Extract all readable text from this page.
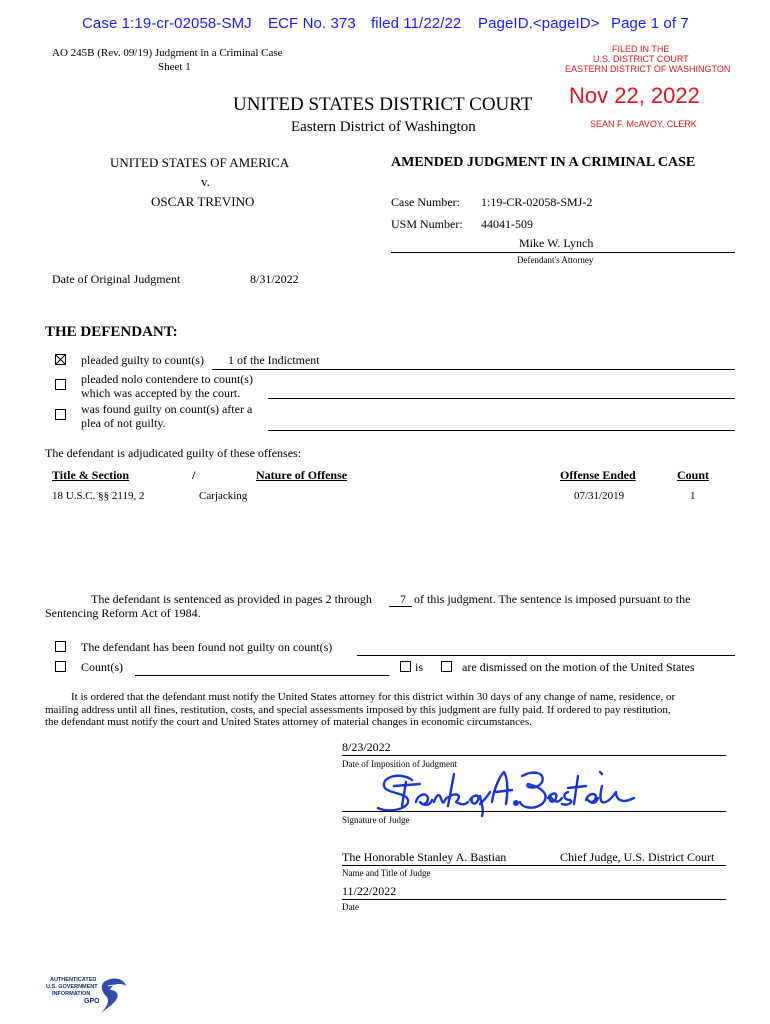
Case 1:19-cr-02058-SMJ ECF No. 373 filed 11/22/22 PageID.<pageID> Page 1 of 7
AO 245B (Rev. 09/19) Judgment in a Criminal Case
Sheet 1
FILED IN THE
U.S. DISTRICT COURT
EASTERN DISTRICT OF WASHINGTON
Nov 22, 2022
SEAN F. McAVOY, CLERK
UNITED STATES DISTRICT COURT
Eastern District of Washington
UNITED STATES OF AMERICA
v.
OSCAR TREVINO
AMENDED JUDGMENT IN A CRIMINAL CASE
Case Number: 1:19-CR-02058-SMJ-2
USM Number: 44041-509
Mike W. Lynch
Defendant's Attorney
Date of Original Judgment	8/31/2022
THE DEFENDANT:
pleaded guilty to count(s) 1 of the Indictment
pleaded nolo contendere to count(s)
which was accepted by the court.
was found guilty on count(s) after a
plea of not guilty.
The defendant is adjudicated guilty of these offenses:
Title & Section	/	Nature of Offense	Offense Ended	Count
18 U.S.C. §§ 2119, 2	Carjacking	07/31/2019	1
The defendant is sentenced as provided in pages 2 through 7 of this judgment. The sentence is imposed pursuant to the
Sentencing Reform Act of 1984.
The defendant has been found not guilty on count(s)
Count(s)	is	are dismissed on the motion of the United States
It is ordered that the defendant must notify the United States attorney for this district within 30 days of any change of name, residence, or
mailing address until all fines, restitution, costs, and special assessments imposed by this judgment are fully paid. If ordered to pay restitution,
the defendant must notify the court and United States attorney of material changes in economic circumstances.
8/23/2022
Date of Imposition of Judgment
Signature of Judge
The Honorable Stanley A. Bastian	Chief Judge, U.S. District Court
Name and Title of Judge
11/22/2022
Date
AUTHENTICATED
U.S. GOVERNMENT
INFORMATION
GPO
